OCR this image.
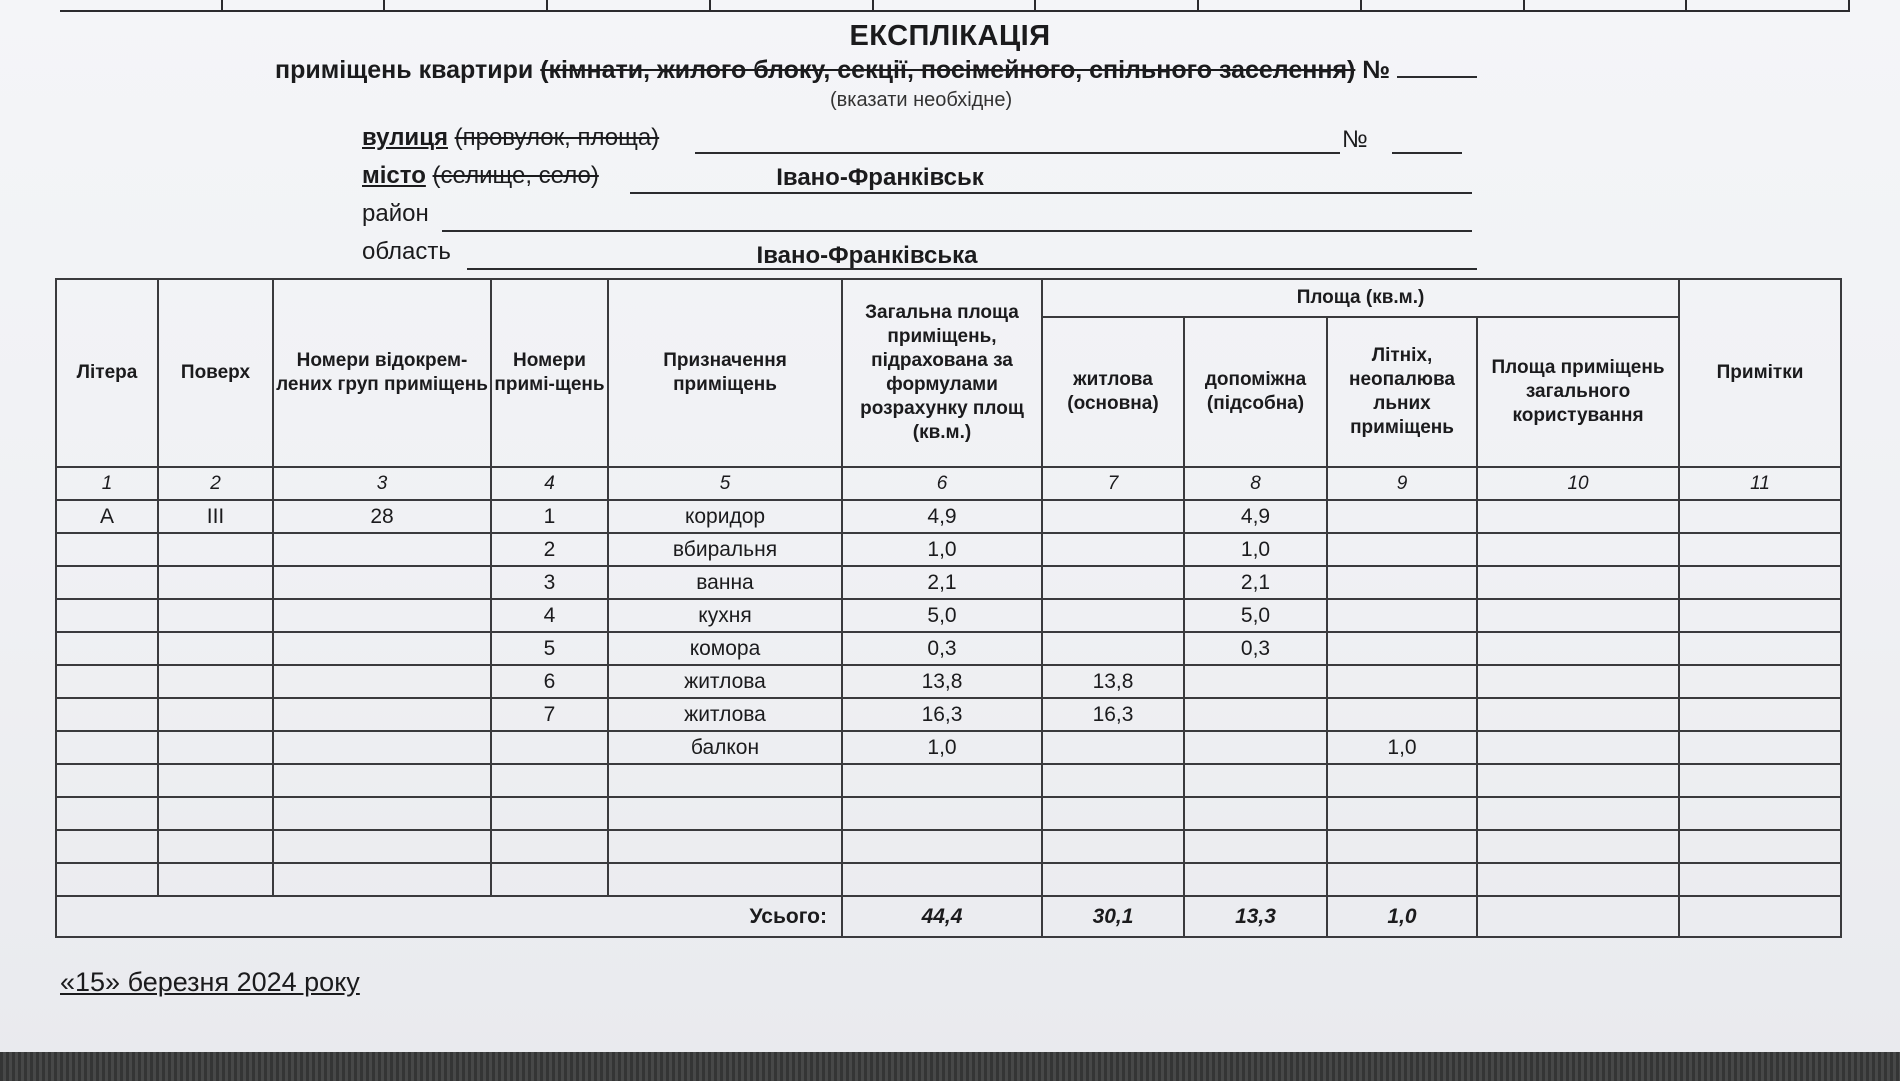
ЕКСПЛІКАЦІЯ
приміщень квартири (кімнати, жилого блоку, секції, посімейного, спільного заселення) №
(вказати необхідне)
вулиця (провулок, площа)	№
місто (селище, село)	Івано-Франківськ
район
область	Івано-Франківська
Літера	Поверх	Номери відокрем-лених груп приміщень	Номери примі-щень	Призначення приміщень	Загальна площа приміщень, підрахована за формулами розрахунку площ (кв.м.)	Площа (кв.м.)				Примітки
						житлова (основна)	допоміжна (підсобна)	Літніх, неопалюва льних приміщень	Площа приміщень загального користування	
1	2	3	4	5	6	7	8	9	10	11
А	III	28	1	коридор	4,9		4,9			
			2	вбиральня	1,0		1,0			
			3	ванна	2,1		2,1			
			4	кухня	5,0		5,0			
			5	комора	0,3		0,3			
			6	житлова	13,8	13,8				
			7	житлова	16,3	16,3				
				балкон	1,0			1,0		

Усього:					44,4	30,1	13,3	1,0		
«15» березня 2024 року
